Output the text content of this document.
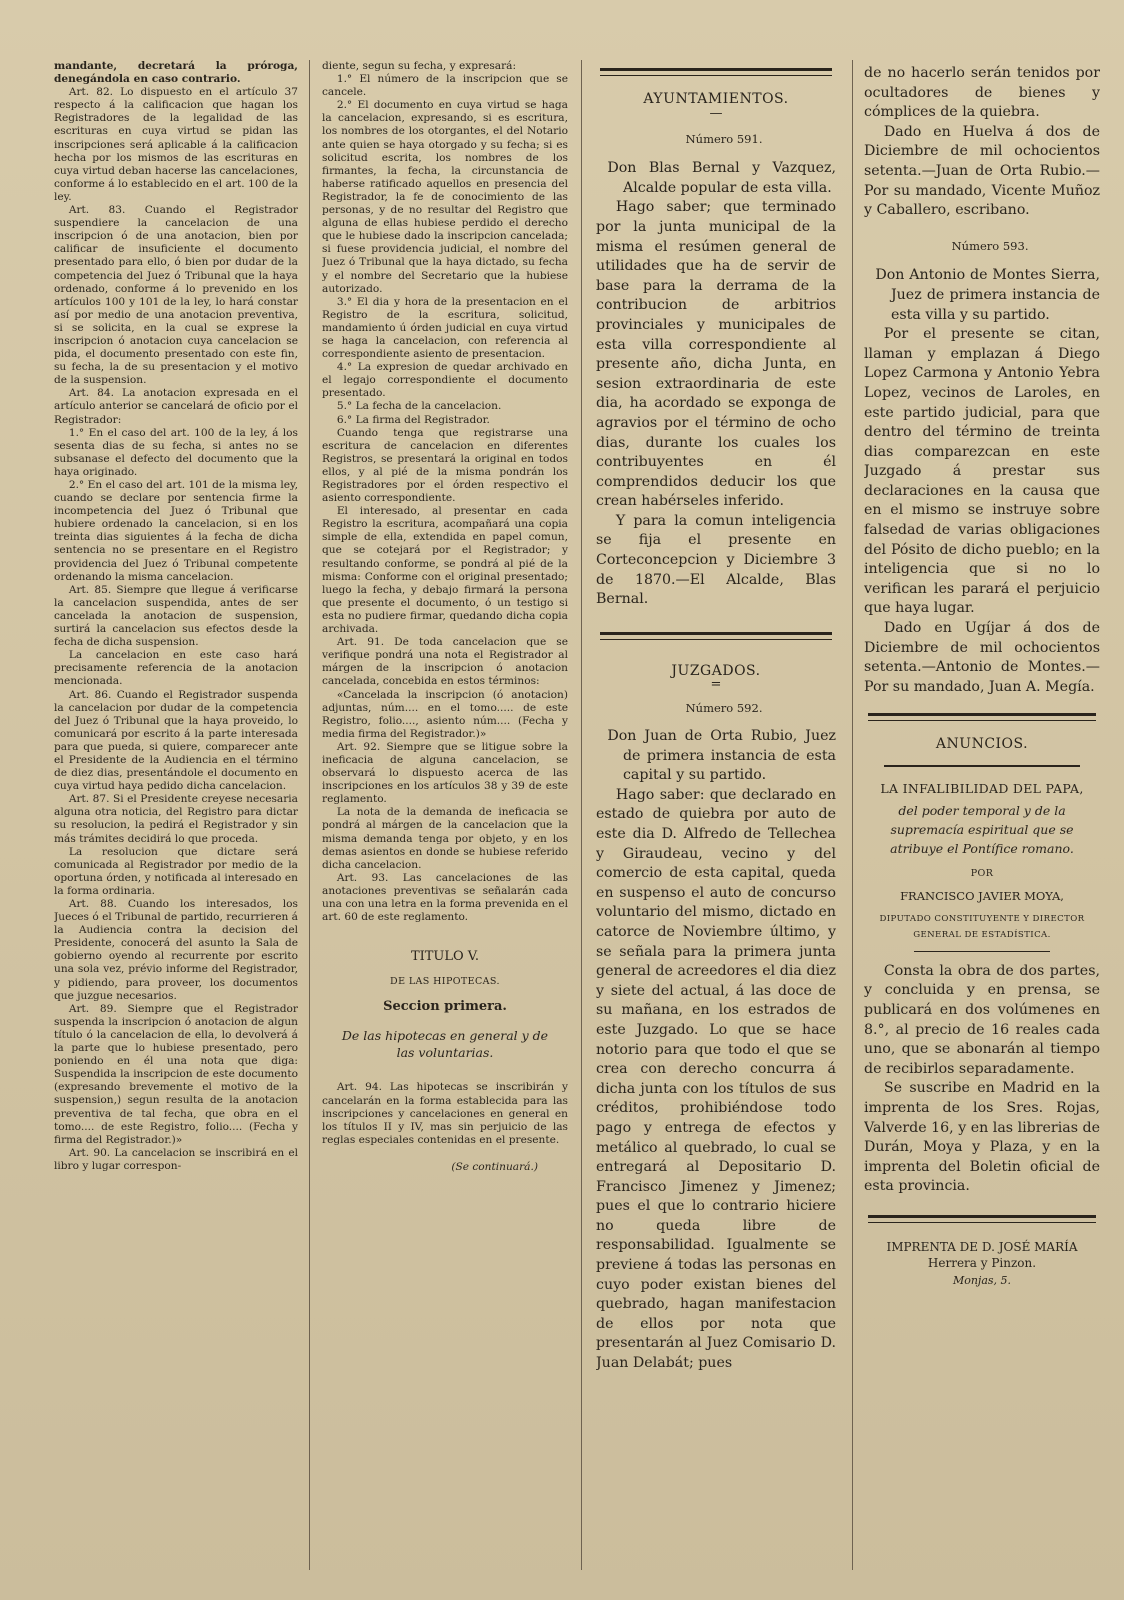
mandante, decretará la próroga, denegándola en caso contrario.

Art. 82. Lo dispuesto en el artículo 37 respecto á la calificacion que hagan los Registradores de la legalidad de las escrituras en cuya virtud se pidan las inscripciones será aplicable á la calificacion hecha por los mismos de las escrituras en cuya virtud deban hacerse las cancelaciones, conforme á lo establecido en el art. 100 de la ley.

Art. 83. Cuando el Registrador suspendiere la cancelacion de una inscripcion ó de una anotacion, bien por calificar de insuficiente el documento presentado para ello, ó bien por dudar de la competencia del Juez ó Tribunal que la haya ordenado, conforme á lo prevenido en los artículos 100 y 101 de la ley, lo hará constar así por medio de una anotacion preventiva, si se solicita, en la cual se exprese la inscripcion ó anotacion cuya cancelacion se pida, el documento presentado con este fin, su fecha, la de su presentacion y el motivo de la suspension.

Art. 84. La anotacion expresada en el artículo anterior se cancelará de oficio por el Registrador:

1.° En el caso del art. 100 de la ley, á los sesenta dias de su fecha, si antes no se subsanase el defecto del documento que la haya originado.

2.° En el caso del art. 101 de la misma ley, cuando se declare por sentencia firme la incompetencia del Juez ó Tribunal que hubiere ordenado la cancelacion, si en los treinta dias siguientes á la fecha de dicha sentencia no se presentare en el Registro providencia del Juez ó Tribunal competente ordenando la misma cancelacion.

Art. 85. Siempre que llegue á verificarse la cancelacion suspendida, antes de ser cancelada la anotacion de suspension, surtirá la cancelacion sus efectos desde la fecha de dicha suspension.

La cancelacion en este caso hará precisamente referencia de la anotacion mencionada.

Art. 86. Cuando el Registrador suspenda la cancelacion por dudar de la competencia del Juez ó Tribunal que la haya proveido, lo comunicará por escrito á la parte interesada para que pueda, si quiere, comparecer ante el Presidente de la Audiencia en el término de diez dias, presentándole el documento en cuya virtud haya pedido dicha cancelacion.

Art. 87. Si el Presidente creyese necesaria alguna otra noticia, del Registro para dictar su resolucion, la pedirá el Registrador y sin más trámites decidirá lo que proceda.

La resolucion que dictare será comunicada al Registrador por medio de la oportuna órden, y notificada al interesado en la forma ordinaria.

Art. 88. Cuando los interesados, los Jueces ó el Tribunal de partido, recurrieren á la Audiencia contra la decision del Presidente, conocerá del asunto la Sala de gobierno oyendo al recurrente por escrito una sola vez, prévio informe del Registrador, y pidiendo, para proveer, los documentos que juzgue necesarios.

Art. 89. Siempre que el Registrador suspenda la inscripcion ó anotacion de algun título ó la cancelacion de ella, lo devolverá á la parte que lo hubiese presentado, pero poniendo en él una nota que diga: Suspendida la inscripcion de este documento (expresando brevemente el motivo de la suspension,) segun resulta de la anotacion preventiva de tal fecha, que obra en el tomo.... de este Registro, folio.... (Fecha y firma del Registrador.)»

Art. 90. La cancelacion se inscribirá en el libro y lugar correspon-

diente, segun su fecha, y expresará:

1.° El número de la inscripcion que se cancele.

2.° El documento en cuya virtud se haga la cancelacion, expresando, si es escritura, los nombres de los otorgantes, el del Notario ante quien se haya otorgado y su fecha; si es solicitud escrita, los nombres de los firmantes, la fecha, la circunstancia de haberse ratificado aquellos en presencia del Registrador, la fe de conocimiento de las personas, y de no resultar del Registro que alguna de ellas hubiese perdido el derecho que le hubiese dado la inscripcion cancelada; si fuese providencia judicial, el nombre del Juez ó Tribunal que la haya dictado, su fecha y el nombre del Secretario que la hubiese autorizado.

3.° El dia y hora de la presentacion en el Registro de la escritura, solicitud, mandamiento ú órden judicial en cuya virtud se haga la cancelacion, con referencia al correspondiente asiento de presentacion.

4.° La expresion de quedar archivado en el legajo correspondiente el documento presentado.

5.° La fecha de la cancelacion.

6.° La firma del Registrador.

Cuando tenga que registrarse una escritura de cancelacion en diferentes Registros, se presentará la original en todos ellos, y al pié de la misma pondrán los Registradores por el órden respectivo el asiento correspondiente.

El interesado, al presentar en cada Registro la escritura, acompañará una copia simple de ella, extendida en papel comun, que se cotejará por el Registrador; y resultando conforme, se pondrá al pié de la misma: Conforme con el original presentado; luego la fecha, y debajo firmará la persona que presente el documento, ó un testigo si esta no pudiere firmar, quedando dicha copia archivada.

Art. 91. De toda cancelacion que se verifique pondrá una nota el Registrador al márgen de la inscripcion ó anotacion cancelada, concebida en estos términos:

«Cancelada la inscripcion (ó anotacion) adjuntas, núm.... en el tomo..... de este Registro, folio...., asiento núm.... (Fecha y media firma del Registrador.)»

Art. 92. Siempre que se litigue sobre la ineficacia de alguna cancelacion, se observará lo dispuesto acerca de las inscripciones en los artículos 38 y 39 de este reglamento.

La nota de la demanda de ineficacia se pondrá al márgen de la cancelacion que la misma demanda tenga por objeto, y en los demas asientos en donde se hubiese referido dicha cancelacion.

Art. 93. Las cancelaciones de las anotaciones preventivas se señalarán cada una con una letra en la forma prevenida en el art. 60 de este reglamento.

TITULO V.
DE LAS HIPOTECAS.
Seccion primera.
De las hipotecas en general y de las voluntarias.

Art. 94. Las hipotecas se inscribirán y cancelarán en la forma establecida para las inscripciones y cancelaciones en general en los títulos II y IV, mas sin perjuicio de las reglas especiales contenidas en el presente.

(Se continuará.)
AYUNTAMIENTOS.
—

Número 591.

Don Blas Bernal y Vazquez, Alcalde popular de esta villa.

Hago saber; que terminado por la junta municipal de la misma el resúmen general de utilidades que ha de servir de base para la derrama de la contribucion de arbitrios provinciales y municipales de esta villa correspondiente al presente año, dicha Junta, en sesion extraordinaria de este dia, ha acordado se exponga de agravios por el término de ocho dias, durante los cuales los contribuyentes en él comprendidos deducir los que crean habérseles inferido.

Y para la comun inteligencia se fija el presente en Corteconcepcion y Diciembre 3 de 1870.—El Alcalde, Blas Bernal.

JUZGADOS.
=

Número 592.

Don Juan de Orta Rubio, Juez de primera instancia de esta capital y su partido.

Hago saber: que declarado en estado de quiebra por auto de este dia D. Alfredo de Tellechea y Giraudeau, vecino y del comercio de esta capital, queda en suspenso el auto de concurso voluntario del mismo, dictado en catorce de Noviembre último, y se señala para la primera junta general de acreedores el dia diez y siete del actual, á las doce de su mañana, en los estrados de este Juzgado. Lo que se hace notorio para que todo el que se crea con derecho concurra á dicha junta con los títulos de sus créditos, prohibiéndose todo pago y entrega de efectos y metálico al quebrado, lo cual se entregará al Depositario D. Francisco Jimenez y Jimenez; pues el que lo contrario hiciere no queda libre de responsabilidad. Igualmente se previene á todas las personas en cuyo poder existan bienes del quebrado, hagan manifestacion de ellos por nota que presentarán al Juez Comisario D. Juan Delabát; pues

de no hacerlo serán tenidos por ocultadores de bienes y cómplices de la quiebra.

Dado en Huelva á dos de Diciembre de mil ochocientos setenta.—Juan de Orta Rubio.—Por su mandado, Vicente Muñoz y Caballero, escribano.

Número 593.

Don Antonio de Montes Sierra, Juez de primera instancia de esta villa y su partido.

Por el presente se citan, llaman y emplazan á Diego Lopez Carmona y Antonio Yebra Lopez, vecinos de Laroles, en este partido judicial, para que dentro del término de treinta dias comparezcan en este Juzgado á prestar sus declaraciones en la causa que en el mismo se instruye sobre falsedad de varias obligaciones del Pósito de dicho pueblo; en la inteligencia que si no lo verifican les parará el perjuicio que haya lugar.

Dado en Ugíjar á dos de Diciembre de mil ochocientos setenta.—Antonio de Montes.—Por su mandado, Juan A. Megía.

ANUNCIOS.
LA INFALIBILIDAD DEL PAPA,
del poder temporal y de la supremacía espiritual que se atribuye el Pontífice romano.
POR
FRANCISCO JAVIER MOYA,
DIPUTADO CONSTITUYENTE Y DIRECTOR GENERAL DE ESTADÍSTICA.

Consta la obra de dos partes, y concluida y en prensa, se publicará en dos volúmenes en 8.°, al precio de 16 reales cada uno, que se abonarán al tiempo de recibirlos separadamente.

Se suscribe en Madrid en la imprenta de los Sres. Rojas, Valverde 16, y en las librerias de Durán, Moya y Plaza, y en la imprenta del Boletin oficial de esta provincia.

IMPRENTA DE D. JOSÉ MARÍA Herrera y Pinzon.
Monjas, 5.
